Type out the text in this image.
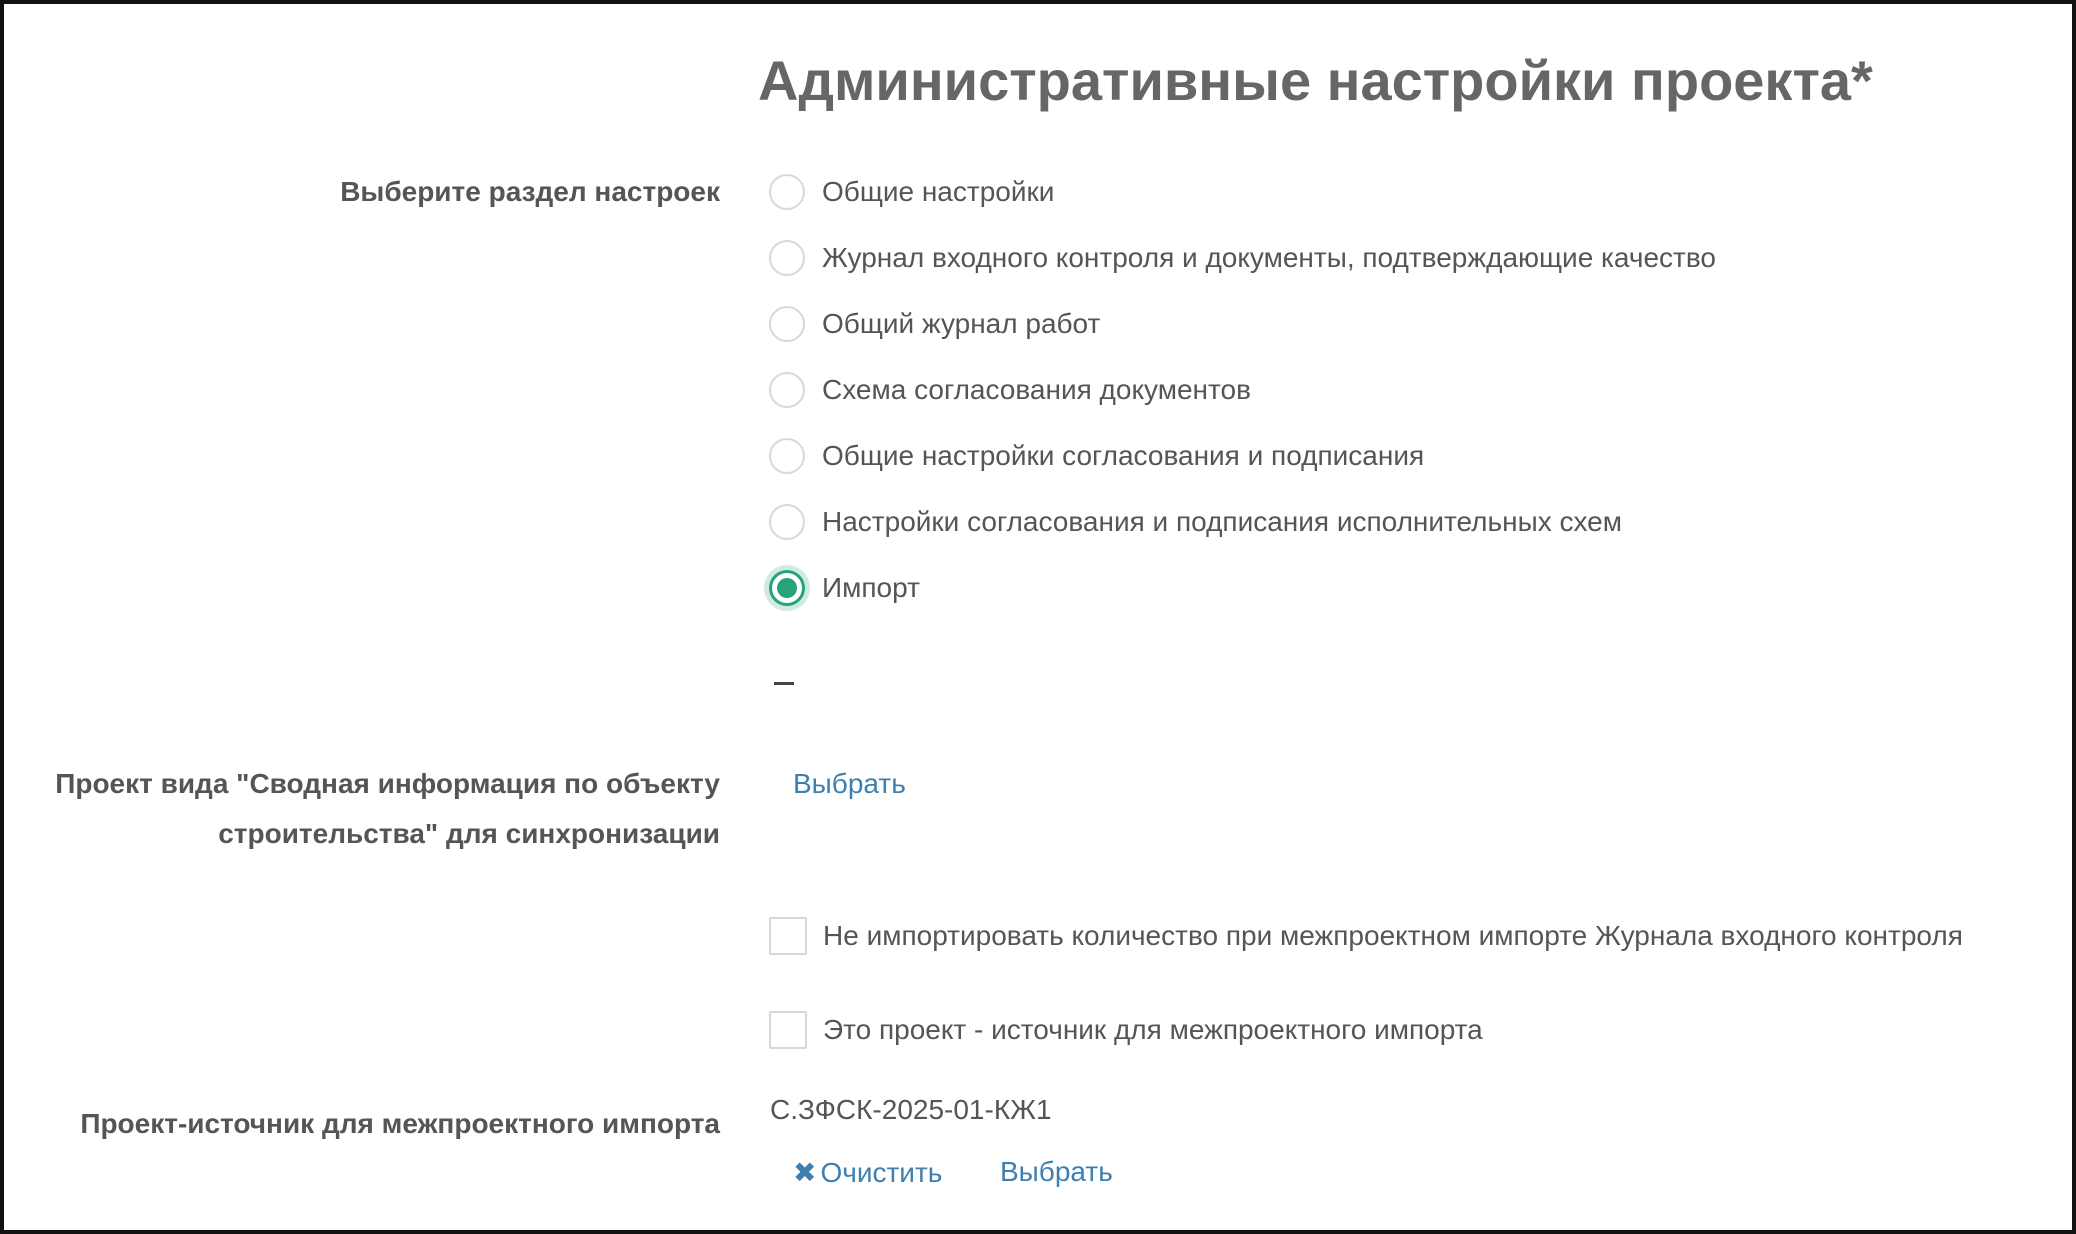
Административные настройки проекта*
Выберите раздел настроек	Общие настройки
Журнал входного контроля и документы, подтверждающие качество
Общий журнал работ
Схема согласования документов
Общие настройки согласования и подписания
Настройки согласования и подписания исполнительных схем
Импорт
Проект вида "Сводная информация по объекту
строительства" для синхронизации
Выбрать
Не импортировать количество при межпроектном импорте Журнала входного контроля
Это проект - источник для межпроектного импорта
Проект-источник для межпроектного импорта С.ЗФСК-2025-01-КЖ1
✖ Очистить Выбрать
